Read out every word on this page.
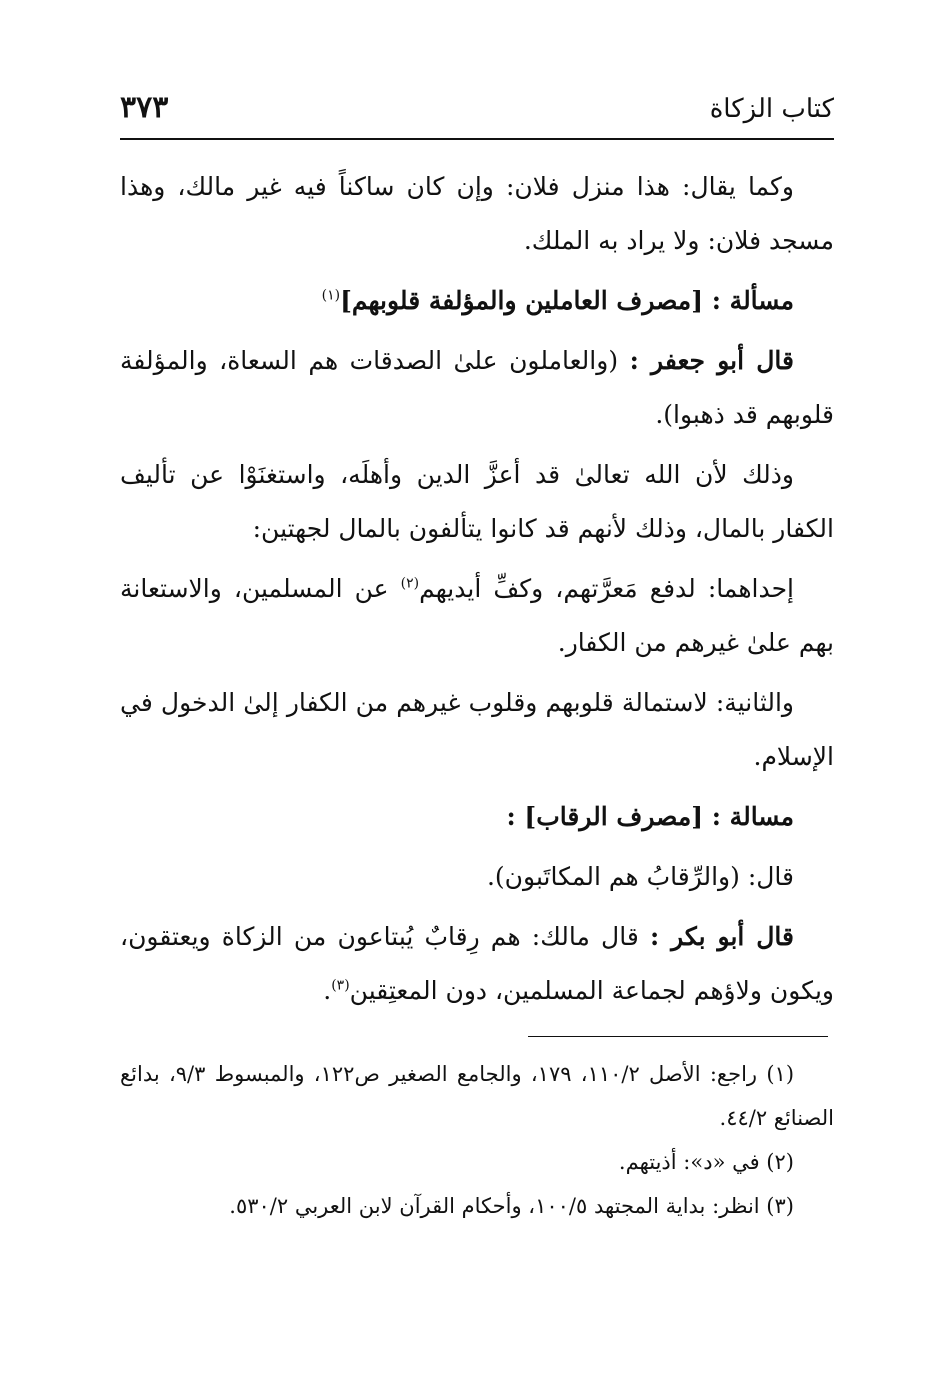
كتاب الزكاة
٣٧٣

وكما يقال: هذا منزل فلان: وإن كان ساكناً فيه غير مالك، وهذا مسجد فلان: ولا يراد به الملك.

مسألة : [مصرف العاملين والمؤلفة قلوبهم]$^{(١)}$

قال أبو جعفر : (والعاملون علىٰ الصدقات هم السعاة، والمؤلفة قلوبهم قد ذهبوا).

وذلك لأن الله تعالىٰ قد أعزَّ الدين وأهلَه، واستغنَوْا عن تأليف الكفار بالمال، وذلك لأنهم قد كانوا يتألفون بالمال لجهتين:

إحداهما: لدفع مَعرَّتهم، وكفِّ أيديهم$^{(٢)}$ عن المسلمين، والاستعانة بهم علىٰ غيرهم من الكفار.

والثانية: لاستمالة قلوبهم وقلوب غيرهم من الكفار إلىٰ الدخول في الإسلام.

مسالة : [مصرف الرقاب] :

قال: (والرِّقابُ هم المكاتَبون).

قال أبو بكر : قال مالك: هم رِقابٌ يُبتاعون من الزكاة ويعتقون، ويكون ولاؤهم لجماعة المسلمين، دون المعتِقين$^{(٣)}$.

(١) راجع: الأصل ١١٠/٢، ١٧٩، والجامع الصغير ص١٢٢، والمبسوط ٩/٣، بدائع الصنائع ٤٤/٢.

(٢) في «د»: أذيتهم.

(٣) انظر: بداية المجتهد ١٠٠/٥، وأحكام القرآن لابن العربي ٥٣٠/٢.
